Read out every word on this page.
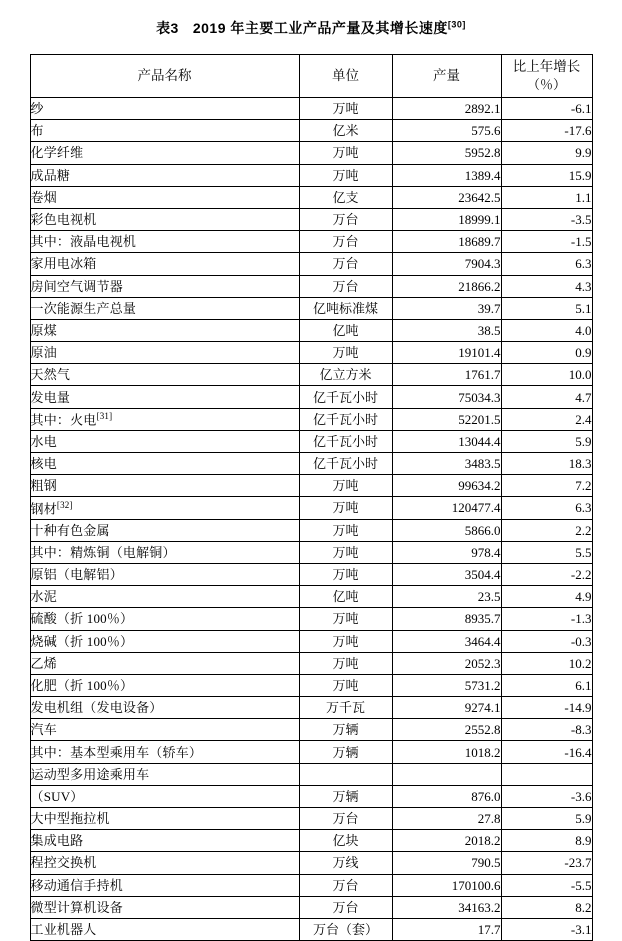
表3 2019 年主要工业产品产量及其增长速度[30]
产品名称	单位	产量	比上年增长
（％）

纱	万吨	2892.1	-6.1
布	亿米	575.6	-17.6
化学纤维	万吨	5952.8	9.9
成品糖	万吨	1389.4	15.9
卷烟	亿支	23642.5	1.1
彩色电视机	万台	18999.1	-3.5
其中：液晶电视机	万台	18689.7	-1.5
家用电冰箱	万台	7904.3	6.3
房间空气调节器	万台	21866.2	4.3
一次能源生产总量	亿吨标准煤	39.7	5.1
原煤	亿吨	38.5	4.0
原油	万吨	19101.4	0.9
天然气	亿立方米	1761.7	10.0
发电量	亿千瓦小时	75034.3	4.7
其中：火电[31]	亿千瓦小时	52201.5	2.4
水电	亿千瓦小时	13044.4	5.9
核电	亿千瓦小时	3483.5	18.3
粗钢	万吨	99634.2	7.2
钢材[32]	万吨	120477.4	6.3
十种有色金属	万吨	5866.0	2.2
其中：精炼铜（电解铜）	万吨	978.4	5.5
原铝（电解铝）	万吨	3504.4	-2.2
水泥	亿吨	23.5	4.9
硫酸（折 100％）	万吨	8935.7	-1.3
烧碱（折 100％）	万吨	3464.4	-0.3
乙烯	万吨	2052.3	10.2
化肥（折 100％）	万吨	5731.2	6.1
发电机组（发电设备）	万千瓦	9274.1	-14.9
汽车	万辆	2552.8	-8.3
其中：基本型乘用车（轿车）	万辆	1018.2	-16.4
运动型多用途乘用车			
（SUV）	万辆	876.0	-3.6
大中型拖拉机	万台	27.8	5.9
集成电路	亿块	2018.2	8.9
程控交换机	万线	790.5	-23.7
移动通信手持机	万台	170100.6	-5.5
微型计算机设备	万台	34163.2	8.2
工业机器人	万台（套）	17.7	-3.1
